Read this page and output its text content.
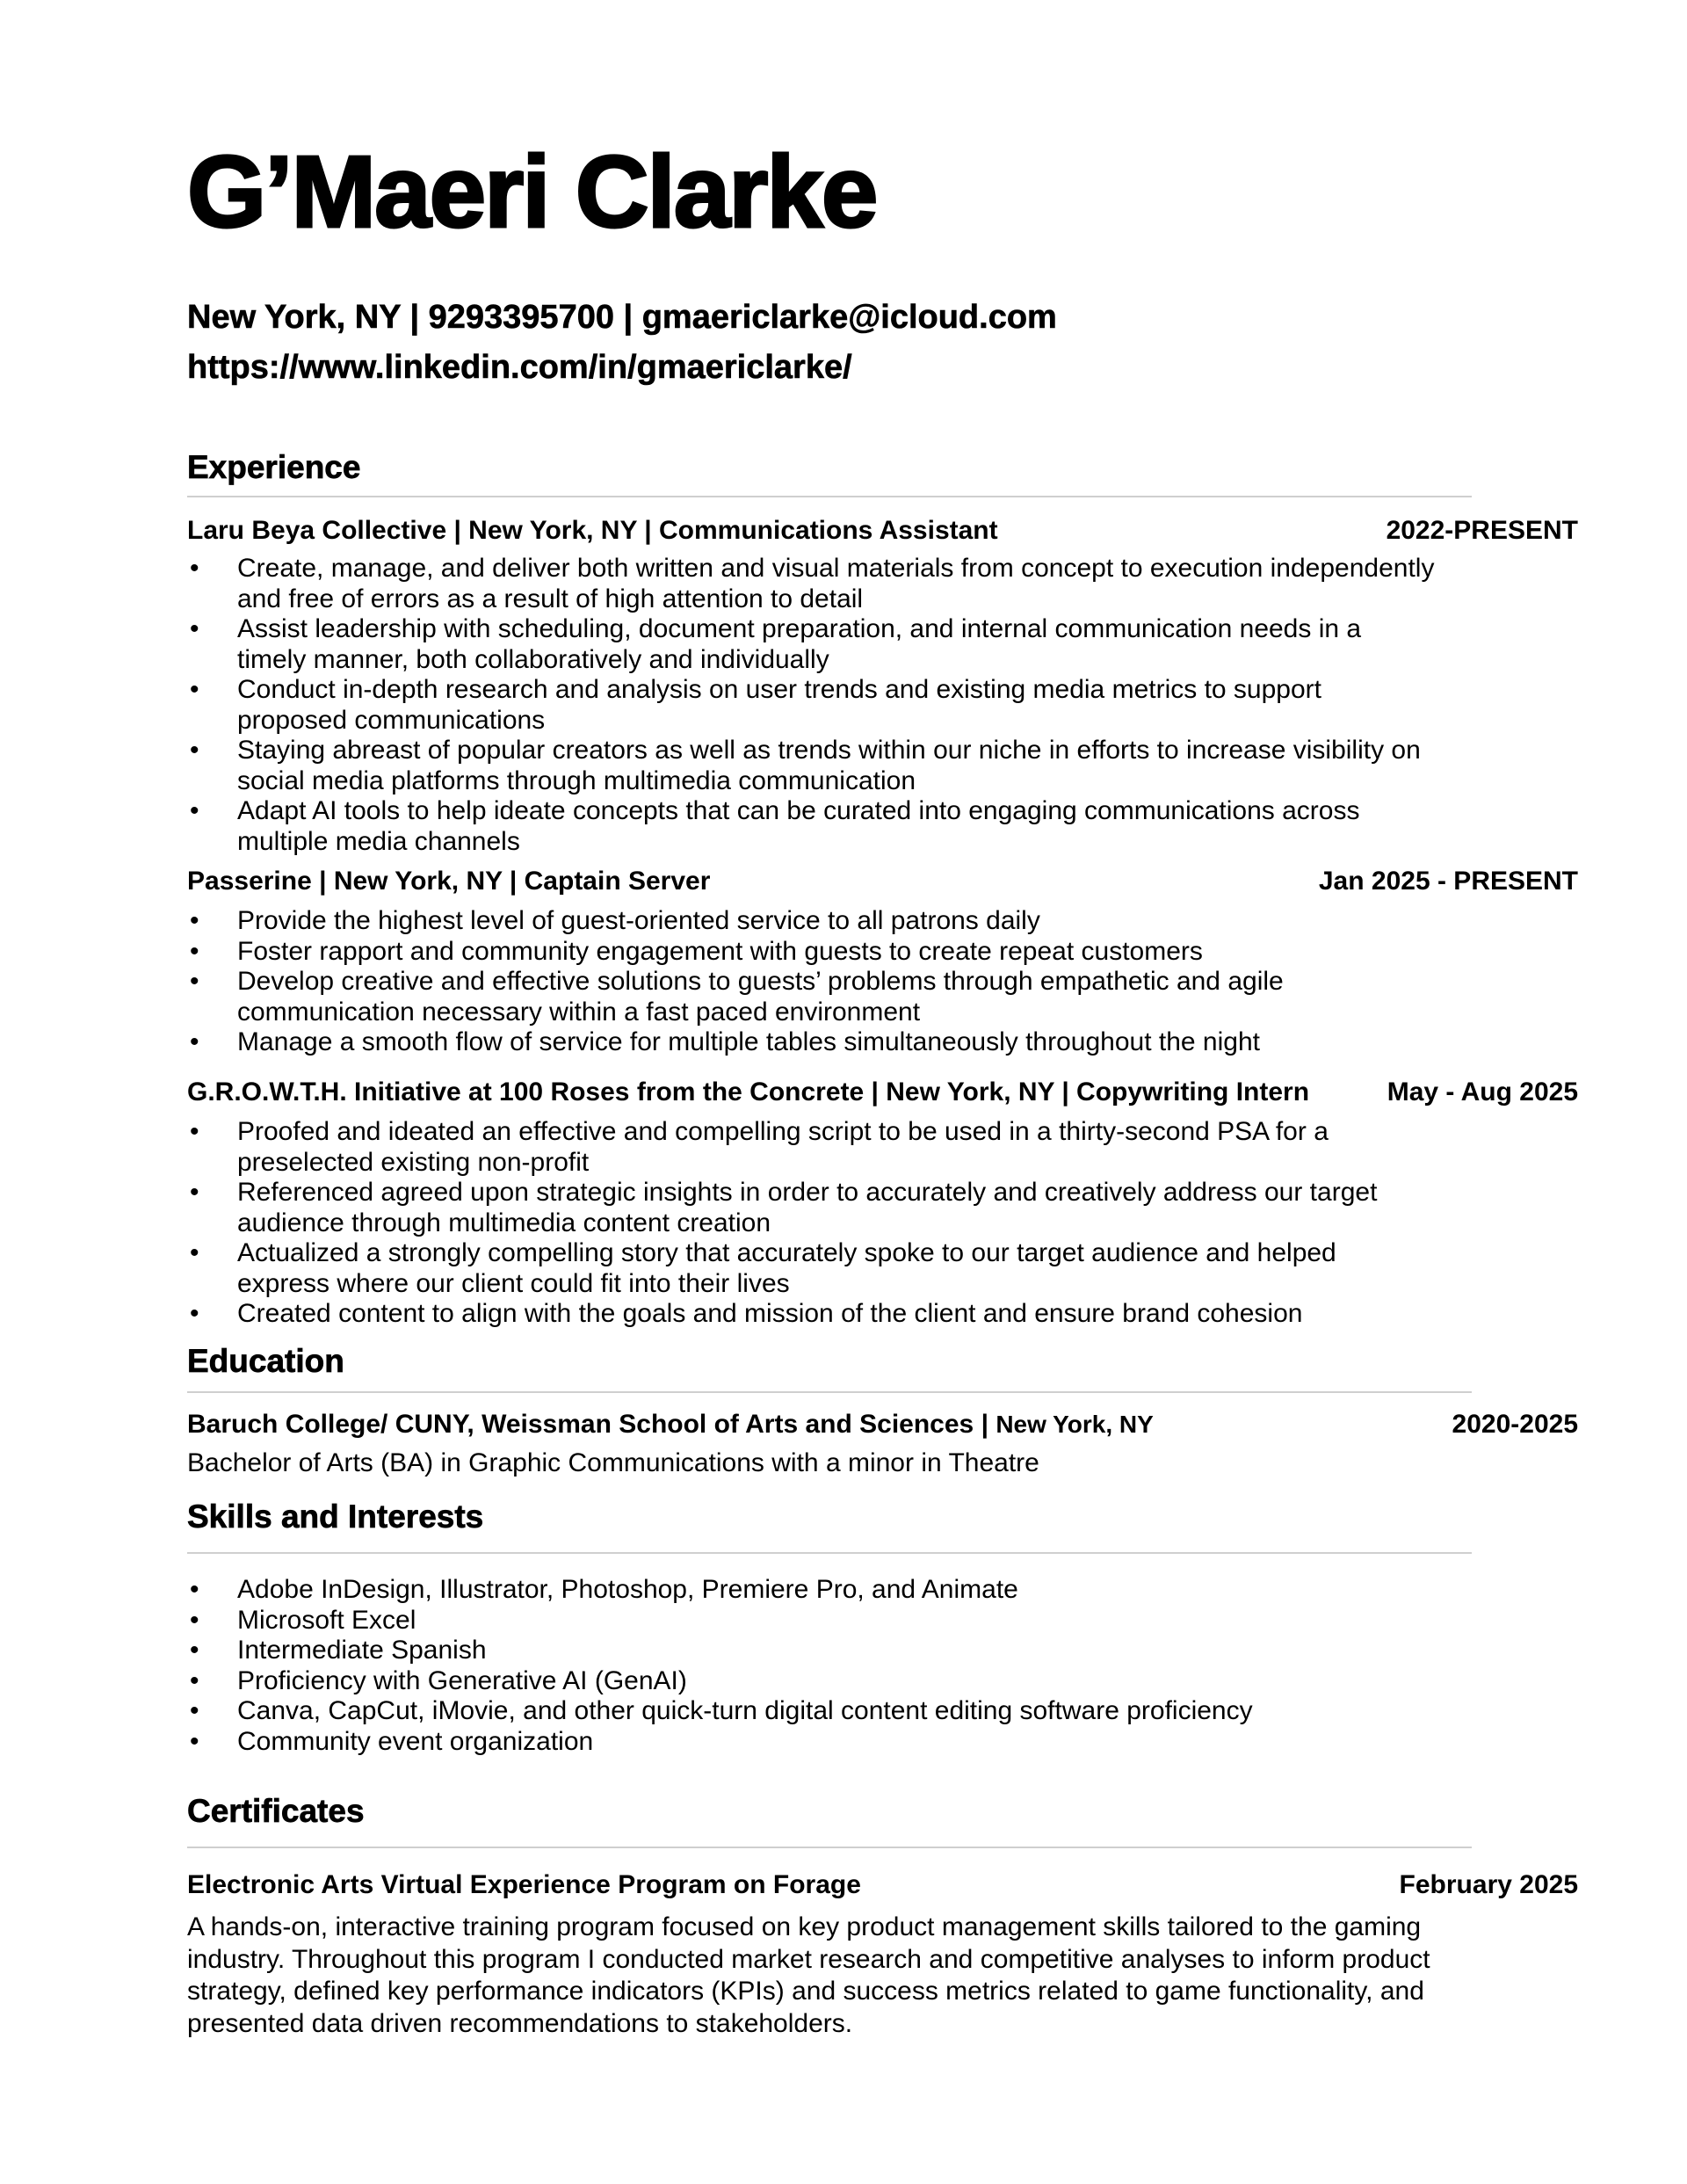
G’Maeri Clarke
New York, NY | 9293395700 | gmaericlarke@icloud.com
https://www.linkedin.com/in/gmaericlarke/
Experience
Laru Beya Collective | New York, NY | Communications Assistant	2022-PRESENT
• Create, manage, and deliver both written and visual materials from concept to execution independently and free of errors as a result of high attention to detail
• Assist leadership with scheduling, document preparation, and internal communication needs in a timely manner, both collaboratively and individually
• Conduct in-depth research and analysis on user trends and existing media metrics to support proposed communications
• Staying abreast of popular creators as well as trends within our niche in efforts to increase visibility on social media platforms through multimedia communication
• Adapt AI tools to help ideate concepts that can be curated into engaging communications across multiple media channels
Passerine | New York, NY | Captain Server	Jan 2025 - PRESENT
• Provide the highest level of guest-oriented service to all patrons daily
• Foster rapport and community engagement with guests to create repeat customers
• Develop creative and effective solutions to guests’ problems through empathetic and agile communication necessary within a fast paced environment
• Manage a smooth flow of service for multiple tables simultaneously throughout the night
G.R.O.W.T.H. Initiative at 100 Roses from the Concrete | New York, NY | Copywriting Intern	May - Aug 2025
• Proofed and ideated an effective and compelling script to be used in a thirty-second PSA for a preselected existing non-profit
• Referenced agreed upon strategic insights in order to accurately and creatively address our target audience through multimedia content creation
• Actualized a strongly compelling story that accurately spoke to our target audience and helped express where our client could fit into their lives
• Created content to align with the goals and mission of the client and ensure brand cohesion
Education
Baruch College/ CUNY, Weissman School of Arts and Sciences | New York, NY	2020-2025
Bachelor of Arts (BA) in Graphic Communications with a minor in Theatre
Skills and Interests
• Adobe InDesign, Illustrator, Photoshop, Premiere Pro, and Animate
• Microsoft Excel
• Intermediate Spanish
• Proficiency with Generative AI (GenAI)
• Canva, CapCut, iMovie, and other quick-turn digital content editing software proficiency
• Community event organization
Certificates
Electronic Arts Virtual Experience Program on Forage	February 2025
A hands-on, interactive training program focused on key product management skills tailored to the gaming industry. Throughout this program I conducted market research and competitive analyses to inform product strategy, defined key performance indicators (KPIs) and success metrics related to game functionality, and presented data driven recommendations to stakeholders.
